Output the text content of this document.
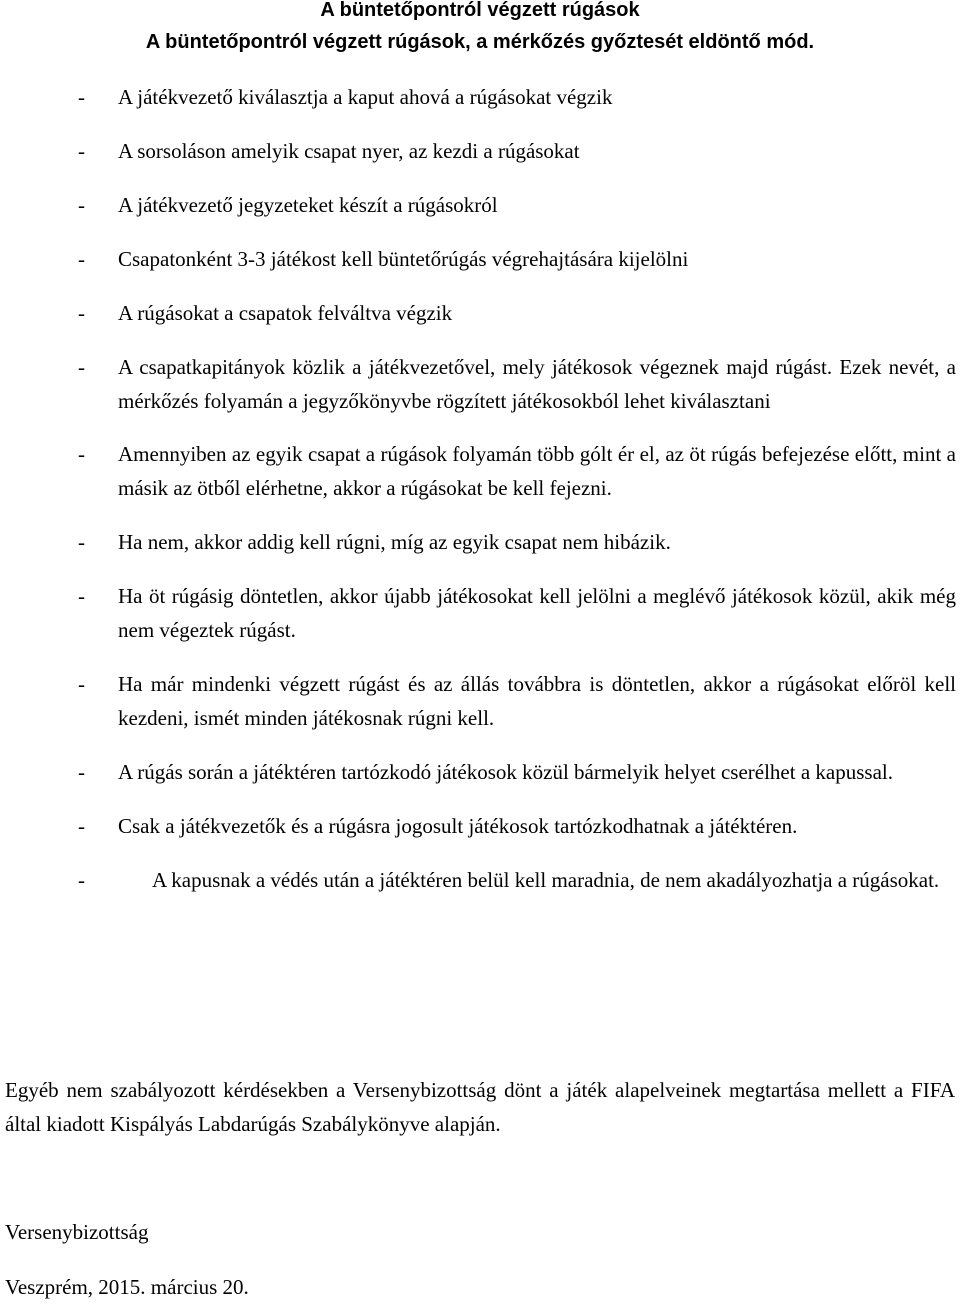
A büntetőpontról végzett rúgások
A büntetőpontról végzett rúgások, a mérkőzés győztesét eldöntő mód.
- A játékvezető kiválasztja a kaput ahová a rúgásokat végzik
- A sorsoláson amelyik csapat nyer, az kezdi a rúgásokat
- A játékvezető jegyzeteket készít a rúgásokról
- Csapatonként 3-3 játékost kell büntetőrúgás végrehajtására kijelölni
- A rúgásokat a csapatok felváltva végzik
- A csapatkapitányok közlik a játékvezetővel, mely játékosok végeznek majd rúgást. Ezek nevét, a mérkőzés folyamán a jegyzőkönyvbe rögzített játékosokból lehet kiválasztani
- Amennyiben az egyik csapat a rúgások folyamán több gólt ér el, az öt rúgás befejezése előtt, mint a másik az ötből elérhetne, akkor a rúgásokat be kell fejezni.
- Ha nem, akkor addig kell rúgni, míg az egyik csapat nem hibázik.
- Ha öt rúgásig döntetlen, akkor újabb játékosokat kell jelölni a meglévő játékosok közül, akik még nem végeztek rúgást.
- Ha már mindenki végzett rúgást és az állás továbbra is döntetlen, akkor a rúgásokat előröl kell kezdeni, ismét minden játékosnak rúgni kell.
- A rúgás során a játéktéren tartózkodó játékosok közül bármelyik helyet cserélhet a kapussal.
- Csak a játékvezetők és a rúgásra jogosult játékosok tartózkodhatnak a játéktéren.
-	A kapusnak a védés után a játéktéren belül kell maradnia, de nem akadályozhatja a rúgásokat.
Egyéb nem szabályozott kérdésekben a Versenybizottság dönt a játék alapelveinek megtartása mellett a FIFA által kiadott Kispályás Labdarúgás Szabálykönyve alapján.
Versenybizottság
Veszprém, 2015. március 20.
